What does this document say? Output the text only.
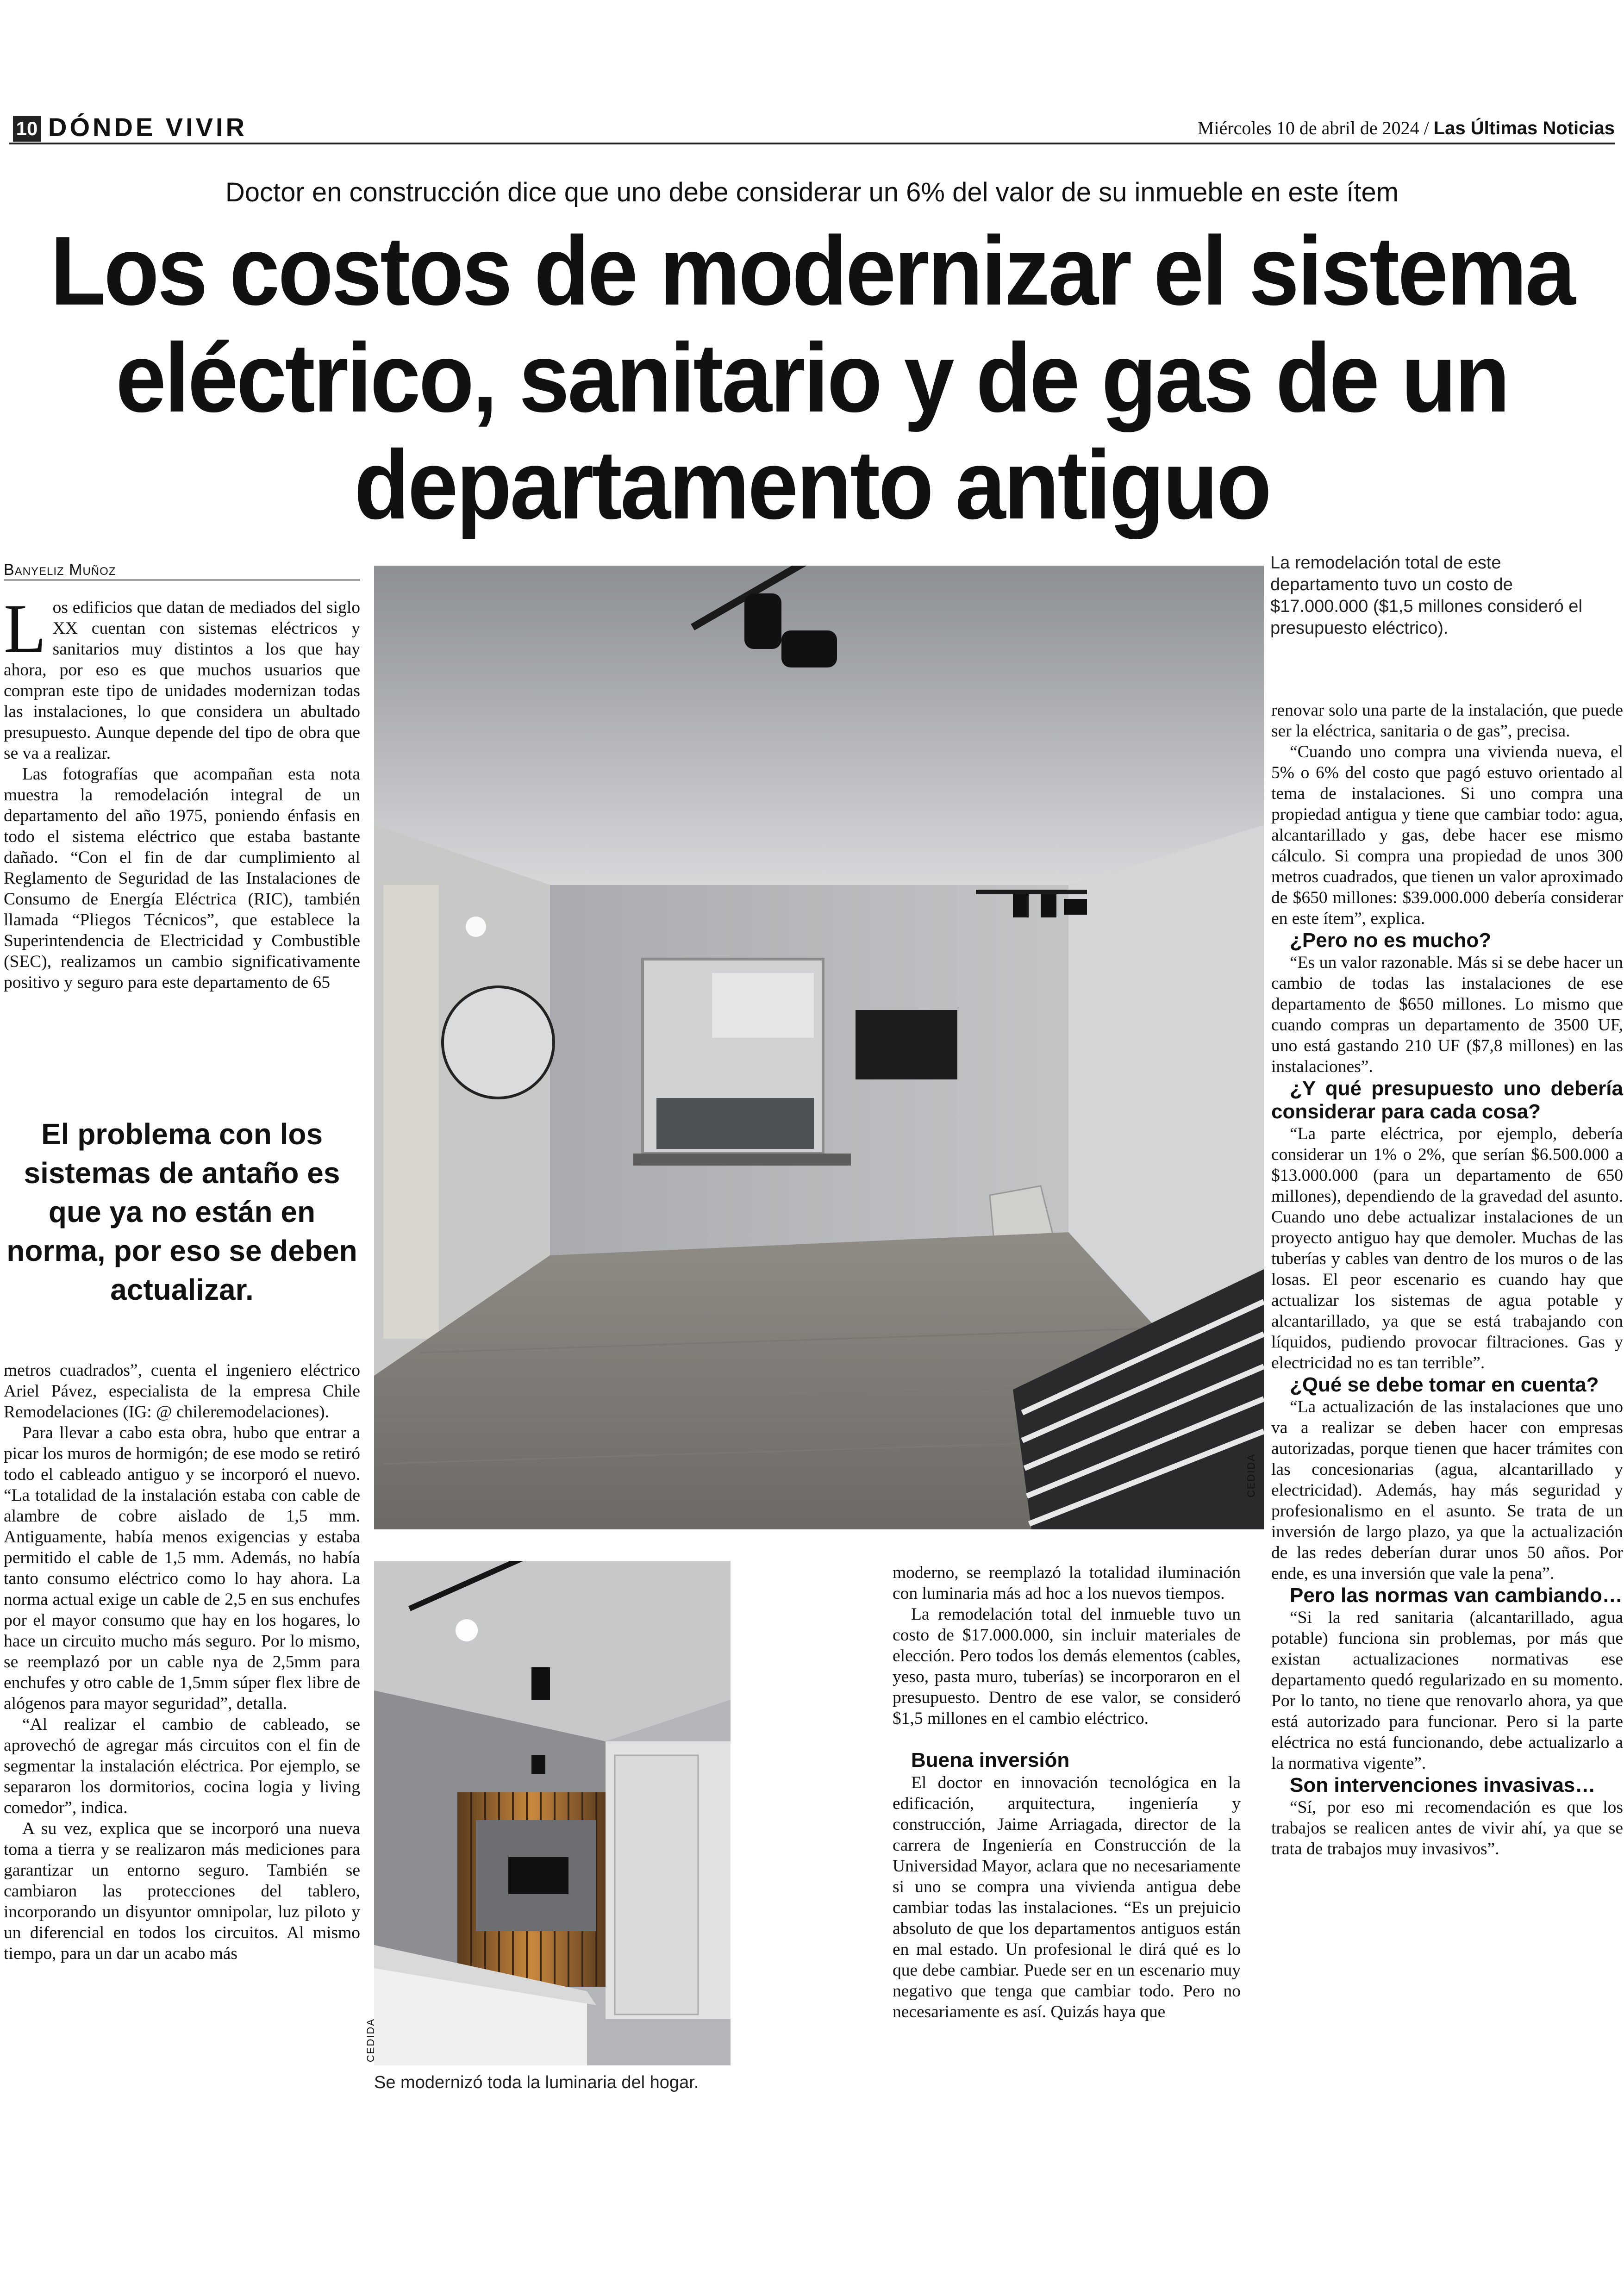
10 DÓNDE VIVIR	Miércoles 10 de abril de 2024 / Las Últimas Noticias
Doctor en construcción dice que uno debe considerar un 6% del valor de su inmueble en este ítem
Los costos de modernizar el sistema
eléctrico, sanitario y de gas de un
departamento antiguo
Banyeliz Muñoz

Los edificios que datan de mediados del siglo XX cuentan con sistemas eléctricos y sanitarios muy distintos a los que hay ahora, por eso es que muchos usuarios que compran este tipo de unidades modernizan todas las instalaciones, lo que considera un abultado presupuesto. Aunque depende del tipo de obra que se va a realizar.

Las fotografías que acompañan esta nota muestra la remodelación integral de un departamento del año 1975, poniendo énfasis en todo el sistema eléctrico que estaba bastante dañado. “Con el fin de dar cumplimiento al Reglamento de Seguridad de las Instalaciones de Consumo de Energía Eléctrica (RIC), también llamada “Pliegos Técnicos”, que establece la Superintendencia de Electricidad y Combustible (SEC), realizamos un cambio significativamente positivo y seguro para este departamento de 65

El problema con los sistemas de antaño es que ya no están en norma, por eso se deben actualizar.

metros cuadrados”, cuenta el ingeniero eléctrico Ariel Pávez, especialista de la empresa Chile Remodelaciones (IG: @ chileremodelaciones).

Para llevar a cabo esta obra, hubo que entrar a picar los muros de hormigón; de ese modo se retiró todo el cableado antiguo y se incorporó el nuevo. “La totalidad de la instalación estaba con cable de alambre de cobre aislado de 1,5 mm. Antiguamente, había menos exigencias y estaba permitido el cable de 1,5 mm. Además, no había tanto consumo eléctrico como lo hay ahora. La norma actual exige un cable de 2,5 en sus enchufes por el mayor consumo que hay en los hogares, lo hace un circuito mucho más seguro. Por lo mismo, se reemplazó por un cable nya de 2,5mm para enchufes y otro cable de 1,5mm súper flex libre de alógenos para mayor seguridad”, detalla.

“Al realizar el cambio de cableado, se aprovechó de agregar más circuitos con el fin de segmentar la instalación eléctrica. Por ejemplo, se separaron los dormitorios, cocina logia y living comedor”, indica.

A su vez, explica que se incorporó una nueva toma a tierra y se realizaron más mediciones para garantizar un entorno seguro. También se cambiaron las protecciones del tablero, incorporando un disyuntor omnipolar, luz piloto y un diferencial en todos los circuitos. Al mismo tiempo, para un dar un acabo más

CEDIDA
La remodelación total de este departamento tuvo un costo de $17.000.000 ($1,5 millones consideró el presupuesto eléctrico).
CEDIDA
Se modernizó toda la luminaria del hogar.

moderno, se reemplazó la totalidad iluminación con luminaria más ad hoc a los nuevos tiempos.

La remodelación total del inmueble tuvo un costo de $17.000.000, sin incluir materiales de elección. Pero todos los demás elementos (cables, yeso, pasta muro, tuberías) se incorporaron en el presupuesto. Dentro de ese valor, se consideró $1,5 millones en el cambio eléctrico.

Buena inversión

El doctor en innovación tecnológica en la edificación, arquitectura, ingeniería y construcción, Jaime Arriagada, director de la carrera de Ingeniería en Construcción de la Universidad Mayor, aclara que no necesariamente si uno se compra una vivienda antigua debe cambiar todas las instalaciones. “Es un prejuicio absoluto de que los departamentos antiguos están en mal estado. Un profesional le dirá qué es lo que debe cambiar. Puede ser en un escenario muy negativo que tenga que cambiar todo. Pero no necesariamente es así. Quizás haya que

renovar solo una parte de la instalación, que puede ser la eléctrica, sanitaria o de gas”, precisa.

“Cuando uno compra una vivienda nueva, el 5% o 6% del costo que pagó estuvo orientado al tema de instalaciones. Si uno compra una propiedad antigua y tiene que cambiar todo: agua, alcantarillado y gas, debe hacer ese mismo cálculo. Si compra una propiedad de unos 300 metros cuadrados, que tienen un valor aproximado de $650 millones: $39.000.000 debería considerar en este ítem”, explica.

¿Pero no es mucho?

“Es un valor razonable. Más si se debe hacer un cambio de todas las instalaciones de ese departamento de $650 millones. Lo mismo que cuando compras un departamento de 3500 UF, uno está gastando 210 UF ($7,8 millones) en las instalaciones”.

¿Y qué presupuesto uno debería considerar para cada cosa?

“La parte eléctrica, por ejemplo, debería considerar un 1% o 2%, que serían $6.500.000 a $13.000.000 (para un departamento de 650 millones), dependiendo de la gravedad del asunto. Cuando uno debe actualizar instalaciones de un proyecto antiguo hay que demoler. Muchas de las tuberías y cables van dentro de los muros o de las losas. El peor escenario es cuando hay que actualizar los sistemas de agua potable y alcantarillado, ya que se está trabajando con líquidos, pudiendo provocar filtraciones. Gas y electricidad no es tan terrible”.

¿Qué se debe tomar en cuenta?

“La actualización de las instalaciones que uno va a realizar se deben hacer con empresas autorizadas, porque tienen que hacer trámites con las concesionarias (agua, alcantarillado y electricidad). Además, hay más seguridad y profesionalismo en el asunto. Se trata de un inversión de largo plazo, ya que la actualización de las redes deberían durar unos 50 años. Por ende, es una inversión que vale la pena”.

Pero las normas van cambiando…

“Si la red sanitaria (alcantarillado, agua potable) funciona sin problemas, por más que existan actualizaciones normativas ese departamento quedó regularizado en su momento. Por lo tanto, no tiene que renovarlo ahora, ya que está autorizado para funcionar. Pero si la parte eléctrica no está funcionando, debe actualizarlo a la normativa vigente”.

Son intervenciones invasivas…

“Sí, por eso mi recomendación es que los trabajos se realicen antes de vivir ahí, ya que se trata de trabajos muy invasivos”.
